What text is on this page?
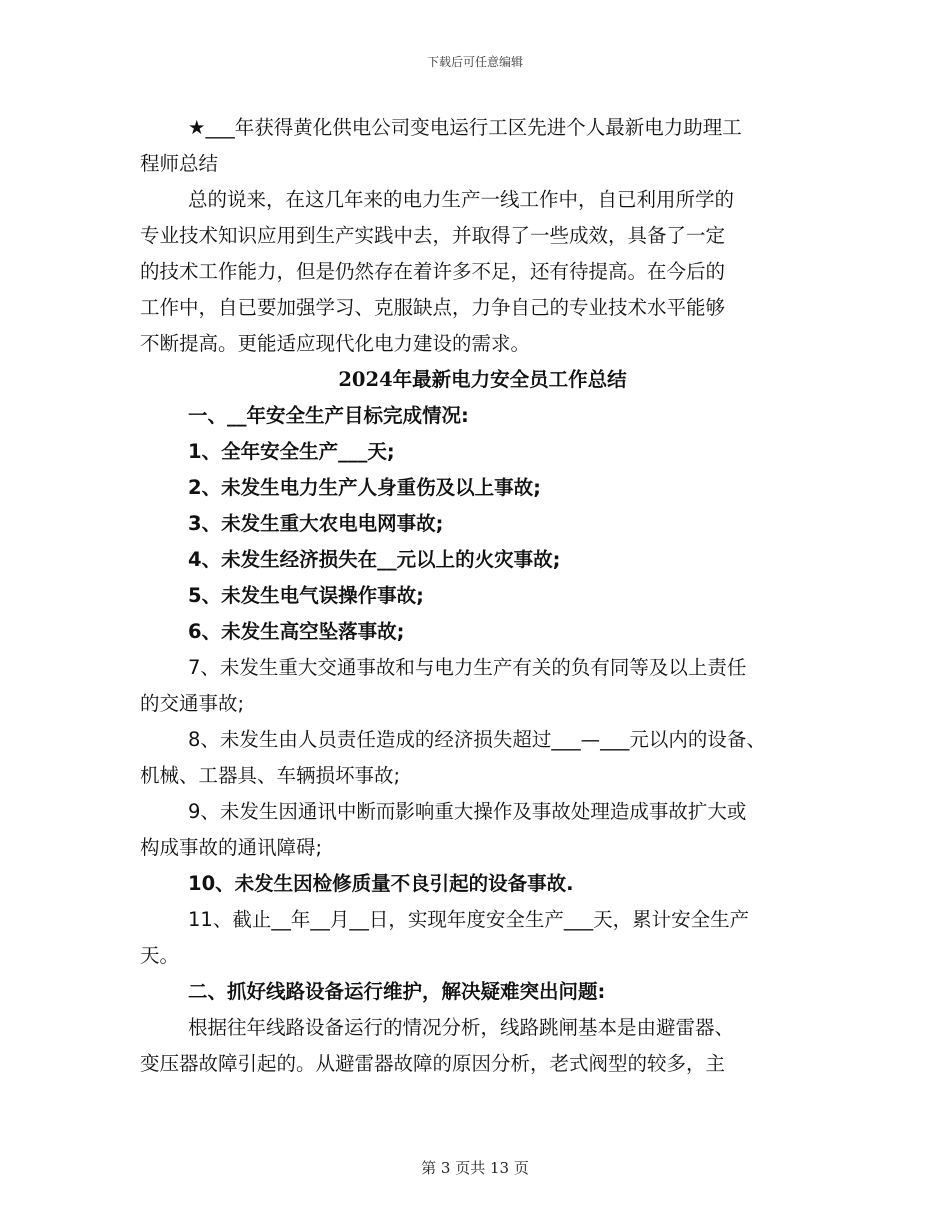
下载后可任意编辑

★___年获得黄化供电公司变电运行工区先进个人最新电力助理工

程师总结

总的说来，在这几年来的电力生产一线工作中，自已利用所学的

专业技术知识应用到生产实践中去，并取得了一些成效，具备了一定

的技术工作能力，但是仍然存在着许多不足，还有待提高。在今后的

工作中，自已要加强学习、克服缺点，力争自己的专业技术水平能够

不断提高。更能适应现代化电力建设的需求。

2024年最新电力安全员工作总结

一、__年安全生产目标完成情况:

1、全年安全生产___天;

2、未发生电力生产人身重伤及以上事故;

3、未发生重大农电电网事故;

4、未发生经济损失在__元以上的火灾事故;

5、未发生电气误操作事故;

6、未发生高空坠落事故;

7、未发生重大交通事故和与电力生产有关的负有同等及以上责任

的交通事故;

8、未发生由人员责任造成的经济损失超过___—___元以内的设备、

机械、工器具、车辆损坏事故;

9、未发生因通讯中断而影响重大操作及事故处理造成事故扩大或

构成事故的通讯障碍;

10、未发生因检修质量不良引起的设备事故.

11、截止__年__月__日，实现年度安全生产___天，累计安全生产

天。

二、抓好线路设备运行维护，解决疑难突出问题:

根据往年线路设备运行的情况分析，线路跳闸基本是由避雷器、

变压器故障引起的。从避雷器故障的原因分析，老式阀型的较多，主

第 3 页共 13 页
